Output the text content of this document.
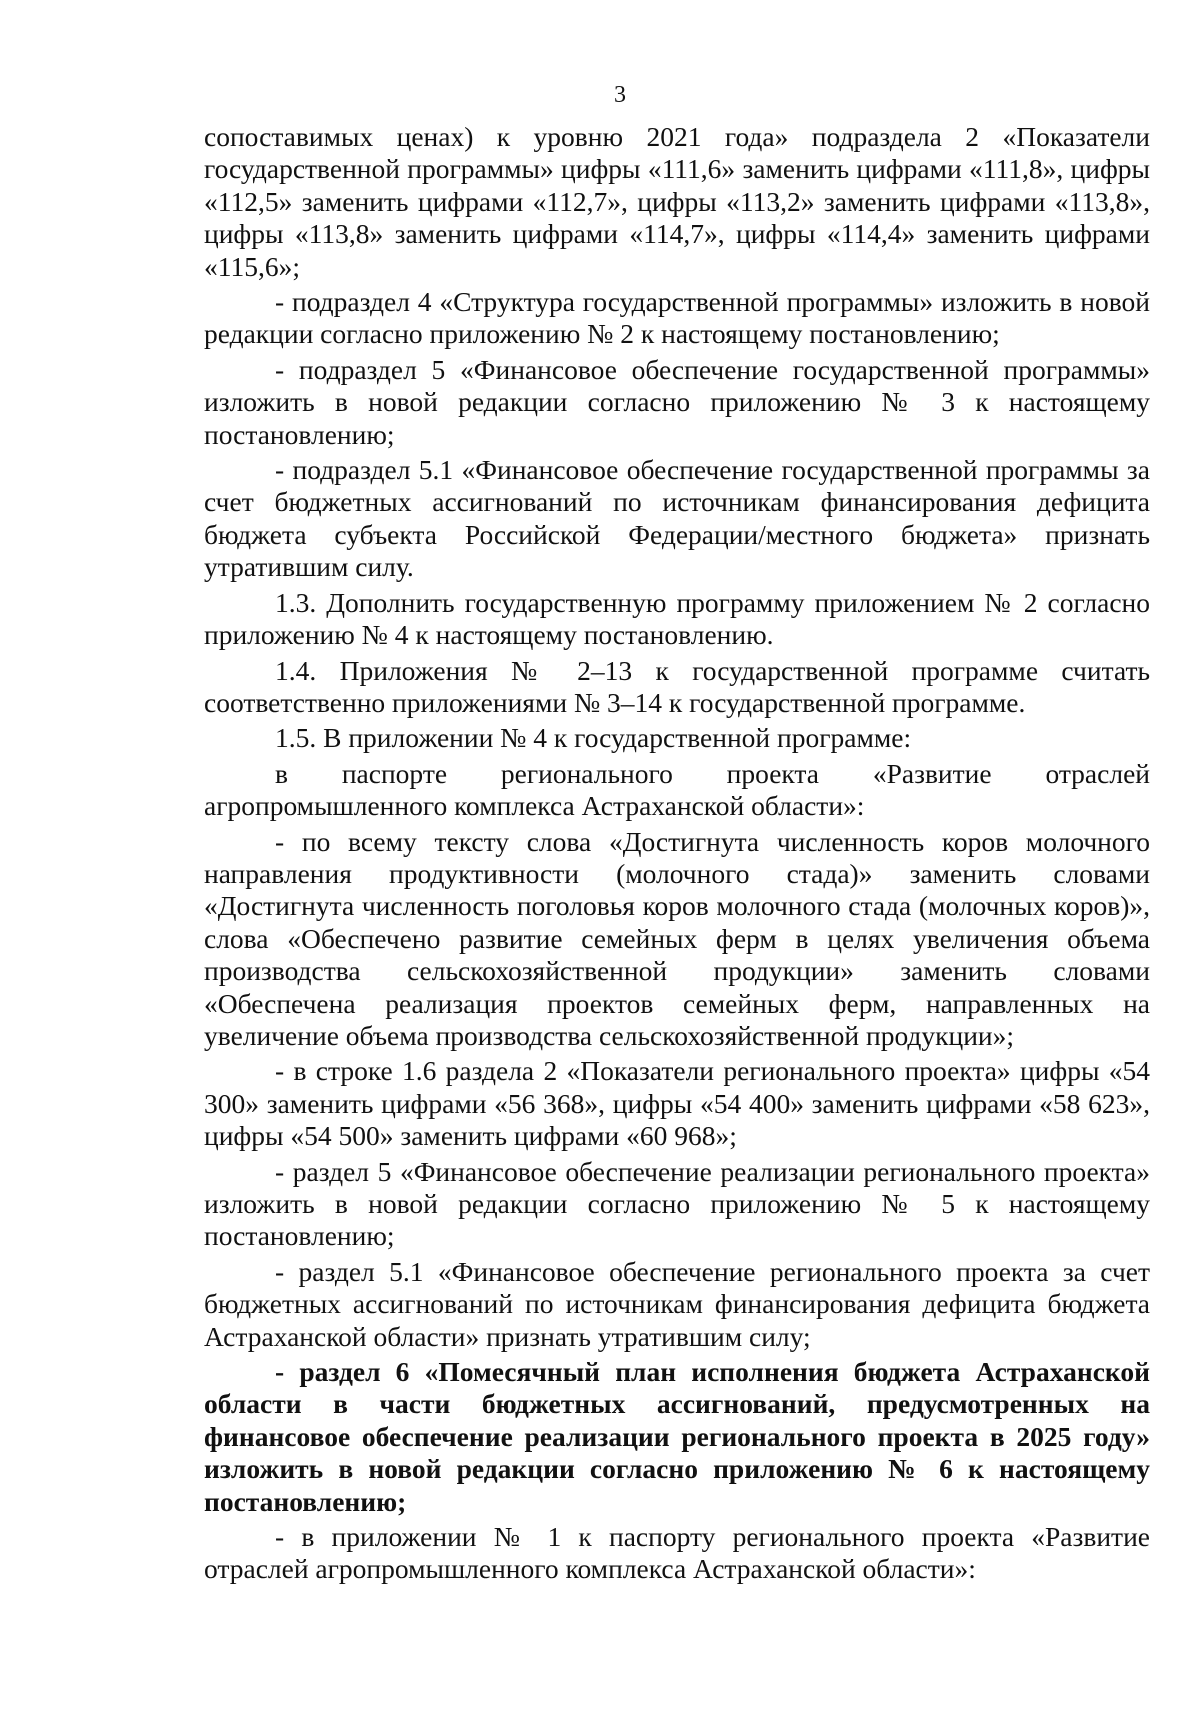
3

сопоставимых ценах) к уровню 2021 года» подраздела 2 «Показатели государственной программы» цифры «111,6» заменить цифрами «111,8», цифры «112,5» заменить цифрами «112,7», цифры «113,2» заменить цифрами «113,8», цифры «113,8» заменить цифрами «114,7», цифры «114,4» заменить цифрами «115,6»;

- подраздел 4 «Структура государственной программы» изложить в новой редакции согласно приложению № 2 к настоящему постановлению;

- подраздел 5 «Финансовое обеспечение государственной программы» изложить в новой редакции согласно приложению № 3 к настоящему постановлению;

- подраздел 5.1 «Финансовое обеспечение государственной программы за счет бюджетных ассигнований по источникам финансирования дефицита бюджета субъекта Российской Федерации/местного бюджета» признать утратившим силу.

1.3. Дополнить государственную программу приложением № 2 согласно приложению № 4 к настоящему постановлению.

1.4. Приложения № 2–13 к государственной программе считать соответственно приложениями № 3–14 к государственной программе.

1.5. В приложении № 4 к государственной программе:

в паспорте регионального проекта «Развитие отраслей агропромышленного комплекса Астраханской области»:

- по всему тексту слова «Достигнута численность коров молочного направления продуктивности (молочного стада)» заменить словами «Достигнута численность поголовья коров молочного стада (молочных коров)», слова «Обеспечено развитие семейных ферм в целях увеличения объема производства сельскохозяйственной продукции» заменить словами «Обеспечена реализация проектов семейных ферм, направленных на увеличение объема производства сельскохозяйственной продукции»;

- в строке 1.6 раздела 2 «Показатели регионального проекта» цифры «54 300» заменить цифрами «56 368», цифры «54 400» заменить цифрами «58 623», цифры «54 500» заменить цифрами «60 968»;

- раздел 5 «Финансовое обеспечение реализации регионального проекта» изложить в новой редакции согласно приложению № 5 к настоящему постановлению;

- раздел 5.1 «Финансовое обеспечение регионального проекта за счет бюджетных ассигнований по источникам финансирования дефицита бюджета Астраханской области» признать утратившим силу;

- раздел 6 «Помесячный план исполнения бюджета Астраханской области в части бюджетных ассигнований, предусмотренных на финансовое обеспечение реализации регионального проекта в 2025 году» изложить в новой редакции согласно приложению № 6 к настоящему постановлению;

- в приложении № 1 к паспорту регионального проекта «Развитие отраслей агропромышленного комплекса Астраханской области»:
